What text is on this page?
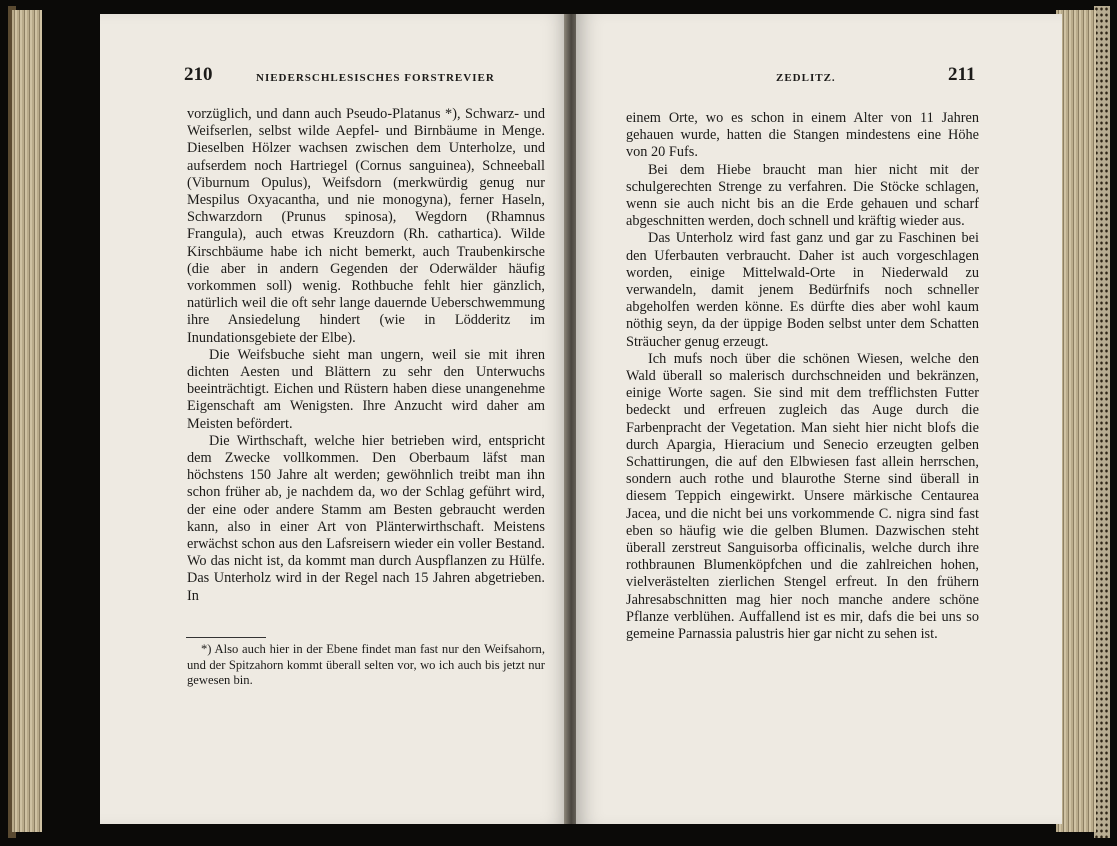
210	NIEDERSCHLESISCHES FORSTREVIER

vorzüglich, und dann auch Pseudo-Platanus *), Schwarz- und Weifserlen, selbst wilde Aepfel- und Birnbäume in Menge. Dieselben Hölzer wachsen zwischen dem Unterholze, und aufserdem noch Hartriegel (Cornus sanguinea), Schneeball (Viburnum Opulus), Weifsdorn (merkwürdig genug nur Mespilus Oxyacantha, und nie monogyna), ferner Haseln, Schwarzdorn (Prunus spinosa), Wegdorn (Rhamnus Frangula), auch etwas Kreuzdorn (Rh. cathartica). Wilde Kirschbäume habe ich nicht bemerkt, auch Traubenkirsche (die aber in andern Gegenden der Oderwälder häufig vorkommen soll) wenig. Rothbuche fehlt hier gänzlich, natürlich weil die oft sehr lange dauernde Ueberschwemmung ihre Ansiedelung hindert (wie in Lödderitz im Inundationsgebiete der Elbe).

Die Weifsbuche sieht man ungern, weil sie mit ihren dichten Aesten und Blättern zu sehr den Unterwuchs beeinträchtigt. Eichen und Rüstern haben diese unangenehme Eigenschaft am Wenigsten. Ihre Anzucht wird daher am Meisten befördert.

Die Wirthschaft, welche hier betrieben wird, entspricht dem Zwecke vollkommen. Den Oberbaum läfst man höchstens 150 Jahre alt werden; gewöhnlich treibt man ihn schon früher ab, je nachdem da, wo der Schlag geführt wird, der eine oder andere Stamm am Besten gebraucht werden kann, also in einer Art von Plänterwirthschaft. Meistens erwächst schon aus den Lafsreisern wieder ein voller Bestand. Wo das nicht ist, da kommt man durch Auspflanzen zu Hülfe. Das Unterholz wird in der Regel nach 15 Jahren abgetrieben. In

*) Also auch hier in der Ebene findet man fast nur den Weifsahorn, und der Spitzahorn kommt überall selten vor, wo ich auch bis jetzt nur gewesen bin.

ZEDLITZ.	211

einem Orte, wo es schon in einem Alter von 11 Jahren gehauen wurde, hatten die Stangen mindestens eine Höhe von 20 Fufs.

Bei dem Hiebe braucht man hier nicht mit der schulgerechten Strenge zu verfahren. Die Stöcke schlagen, wenn sie auch nicht bis an die Erde gehauen und scharf abgeschnitten werden, doch schnell und kräftig wieder aus.

Das Unterholz wird fast ganz und gar zu Faschinen bei den Uferbauten verbraucht. Daher ist auch vorgeschlagen worden, einige Mittelwald-Orte in Niederwald zu verwandeln, damit jenem Bedürfnifs noch schneller abgeholfen werden könne. Es dürfte dies aber wohl kaum nöthig seyn, da der üppige Boden selbst unter dem Schatten Sträucher genug erzeugt.

Ich mufs noch über die schönen Wiesen, welche den Wald überall so malerisch durchschneiden und bekränzen, einige Worte sagen. Sie sind mit dem trefflichsten Futter bedeckt und erfreuen zugleich das Auge durch die Farbenpracht der Vegetation. Man sieht hier nicht blofs die durch Apargia, Hieracium und Senecio erzeugten gelben Schattirungen, die auf den Elbwiesen fast allein herrschen, sondern auch rothe und blaurothe Sterne sind überall in diesem Teppich eingewirkt. Unsere märkische Centaurea Jacea, und die nicht bei uns vorkommende C. nigra sind fast eben so häufig wie die gelben Blumen. Dazwischen steht überall zerstreut Sanguisorba officinalis, welche durch ihre rothbraunen Blumenköpfchen und die zahlreichen hohen, vielverästelten zierlichen Stengel erfreut. In den frühern Jahresabschnitten mag hier noch manche andere schöne Pflanze verblühen. Auffallend ist es mir, dafs die bei uns so gemeine Parnassia palustris hier gar nicht zu sehen ist.
